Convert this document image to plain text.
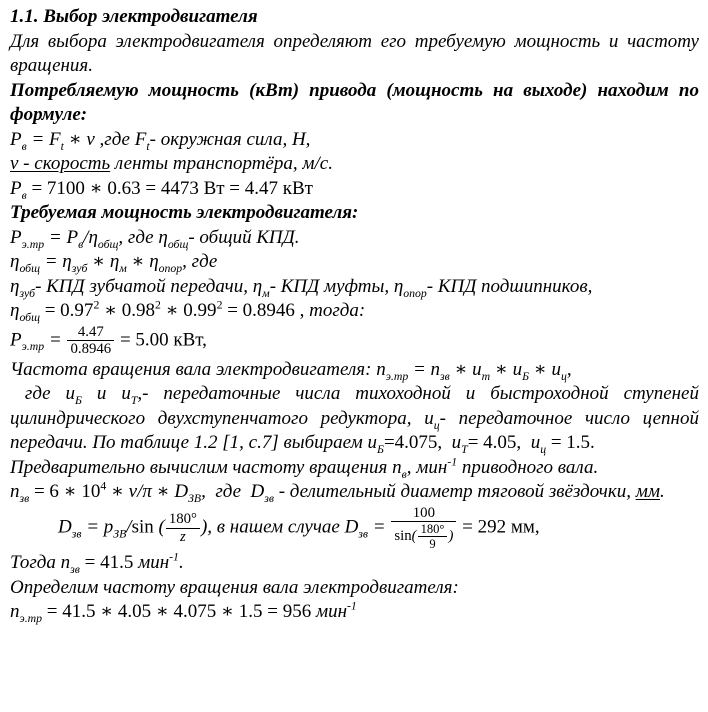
1.1. Выбор электродвигателя

Для выбора электродвигателя определяют его требуемую мощность и частоту вращения.

Потребляемую мощность (кВт) привода (мощность на выходе) находим по формуле:

$P_в = F_t$ ∗ v ,где $F_t-$ окружная сила, Н,

v - скорость ленты транспортёра, м/с.

$P_в = 7100$ ∗ 0.63 = 4473 Вт = 4.47 кВт

Требуемая мощность электродвигателя:

$P_{э.тр} = P_в/\eta_{общ}$, где $\eta_{общ}-$ общий КПД.

$\eta_{общ} = \eta_{зуб}$ ∗ $\eta_м$ ∗ $\eta_{опор}$, где

$\eta_{зуб}-$ КПД зубчатой передачи, $\eta_м-$ КПД муфты, $\eta_{опор}-$ КПД подшипников,

$\eta_{общ} = 0.97^2$ ∗ 0.98$^2$ ∗ $0.99^2 = 0.8946$ , тогда:

$P_{э.тр} = \frac{4.47}{0.8946} = 5.00$ кВт,

Частота вращения вала электродвигателя: $n_{э.тр} = n_{зв}$ ∗ $u_т$ ∗ $u_Б$ ∗ $u_ц$,

где $u_Б$ и $u_Т,-$ передаточные числа тихоходной и быстроходной ступеней цилиндрического двухступенчатого редуктора, $u_ц-$ передаточное число цепной передачи. По таблице 1.2 [1, с.7] выбираем $u_Б=4.075$,  $u_Т= 4.05$,  $u_ц = 1.5$.

Предварительно вычислим частоту вращения $n_в$, мин$^{-1}$ приводного вала.

$n_{зв} = 6$ ∗ $10^4$ ∗ v/π ∗ $D_{ЗВ}$,  где  $D_{зв}$ - делительный диаметр тяговой звёздочки, мм.

$D_{зв} = p_{ЗВ}/\sin$ ( $\frac{180^\circ}{z}$ ), в нашем случае $D_{зв} = \frac{100}{\sin( \frac{180^\circ}{9} )} = 292$ мм,

Тогда $n_{зв} = 41.5$ мин$^{-1}$.

Определим частоту вращения вала электродвигателя:

$n_{э.тр} = 41.5$ ∗ 4.05 ∗ 4.075 ∗ 1.5 = 956 мин$^{-1}$
